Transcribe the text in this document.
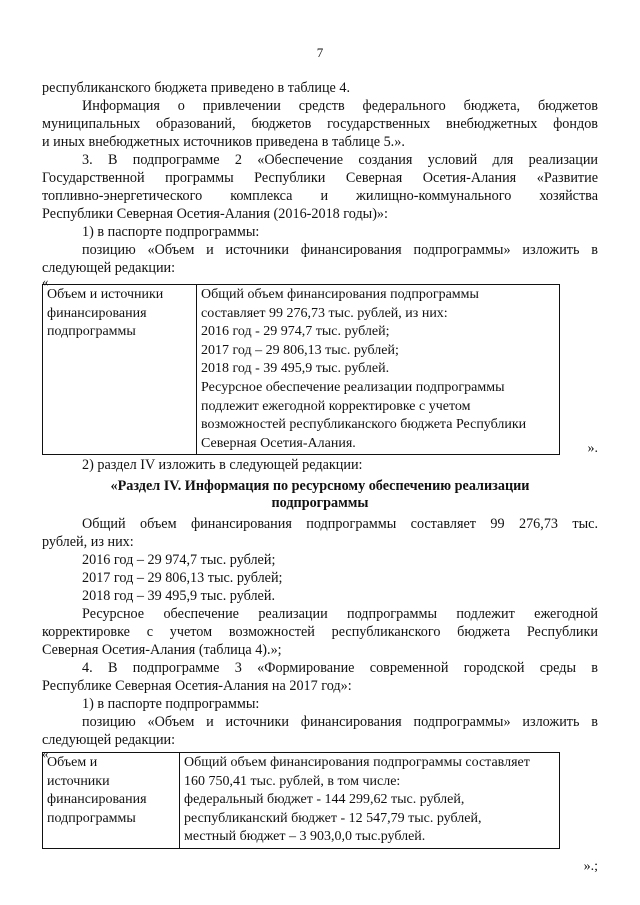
7
республиканского бюджета приведено в таблице 4.
Информация о привлечении средств федерального бюджета, бюджетов
муниципальных образований, бюджетов государственных внебюджетных фондов
и иных внебюджетных источников приведена в таблице 5.».
3. В подпрограмме 2 «Обеспечение создания условий для реализации
Государственной программы Республики Северная Осетия-Алания «Развитие
топливно-энергетического комплекса и жилищно-коммунального хозяйства
Республики Северная Осетия-Алания (2016-2018 годы)»:
1) в паспорте подпрограммы:
позицию «Объем и источники финансирования подпрограммы» изложить в
следующей редакции:
«
Объем и источники
финансирования
подпрограммы

Общий объем финансирования подпрограммы
составляет 99 276,73 тыс. рублей, из них:
2016 год - 29 974,7 тыс. рублей;
2017 год – 29 806,13 тыс. рублей;
2018 год - 39 495,9 тыс. рублей.
Ресурсное обеспечение реализации подпрограммы
подлежит ежегодной корректировке с учетом
возможностей республиканского бюджета Республики
Северная Осетия-Алания.	».
2) раздел IV изложить в следующей редакции:
«Раздел IV. Информация по ресурсному обеспечению реализации
подпрограммы
Общий объем финансирования подпрограммы составляет 99 276,73 тыс.
рублей, из них:
2016 год – 29 974,7 тыс. рублей;
2017 год – 29 806,13 тыс. рублей;
2018 год – 39 495,9 тыс. рублей.
Ресурсное обеспечение реализации подпрограммы подлежит ежегодной
корректировке с учетом возможностей республиканского бюджета Республики
Северная Осетия-Алания (таблица 4).»;
4. В подпрограмме 3 «Формирование современной городской среды в
Республике Северная Осетия-Алания на 2017 год»:
1) в паспорте подпрограммы:
позицию «Объем и источники финансирования подпрограммы» изложить в
следующей редакции:
«
Объем и
источники
финансирования
подпрограммы

Общий объем финансирования подпрограммы составляет
160 750,41 тыс. рублей, в том числе:
федеральный бюджет - 144 299,62 тыс. рублей,
республиканский бюджет - 12 547,79 тыс. рублей,
местный бюджет – 3 903,0,0 тыс.рублей.
».;
